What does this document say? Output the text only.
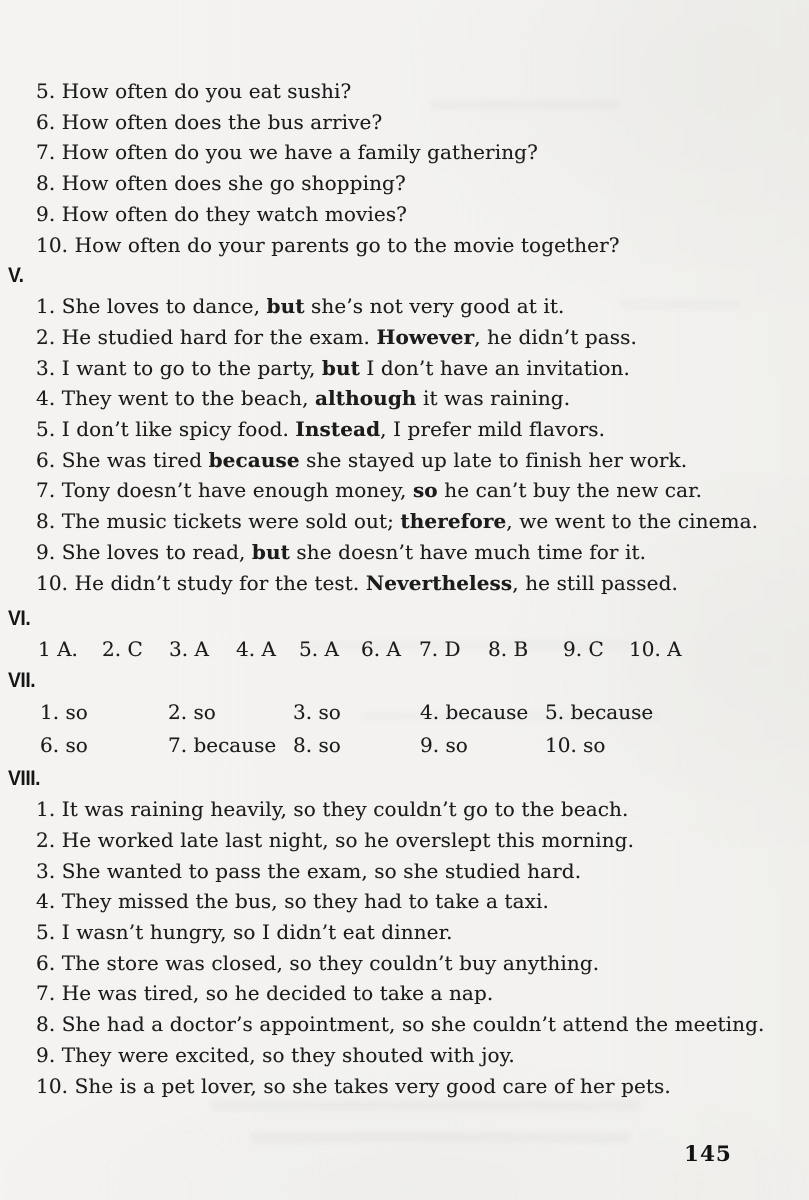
5. How often do you eat sushi?
6. How often does the bus arrive?
7. How often do you we have a family gathering?
8. How often does she go shopping?
9. How often do they watch movies?
10. How often do your parents go to the movie together?
V.
1. She loves to dance, but she’s not very good at it.
2. He studied hard for the exam. However, he didn’t pass.
3. I want to go to the party, but I don’t have an invitation.
4. They went to the beach, although it was raining.
5. I don’t like spicy food. Instead, I prefer mild flavors.
6. She was tired because she stayed up late to finish her work.
7. Tony doesn’t have enough money, so he can’t buy the new car.
8. The music tickets were sold out; therefore, we went to the cinema.
9. She loves to read, but she doesn’t have much time for it.
10. He didn’t study for the test. Nevertheless, he still passed.
VI.
1 A.	2. C	3. A	4. A	5. A	6. A 7. D	8. B	9. C	10. A
VII.
1. so	2. so	3. so	4. because 5. because
6. so	7. because 8. so	9. so	10. so
VIII.
1. It was raining heavily, so they couldn’t go to the beach.
2. He worked late last night, so he overslept this morning.
3. She wanted to pass the exam, so she studied hard.
4. They missed the bus, so they had to take a taxi.
5. I wasn’t hungry, so I didn’t eat dinner.
6. The store was closed, so they couldn’t buy anything.
7. He was tired, so he decided to take a nap.
8. She had a doctor’s appointment, so she couldn’t attend the meeting.
9. They were excited, so they shouted with joy.
10. She is a pet lover, so she takes very good care of her pets.
145
